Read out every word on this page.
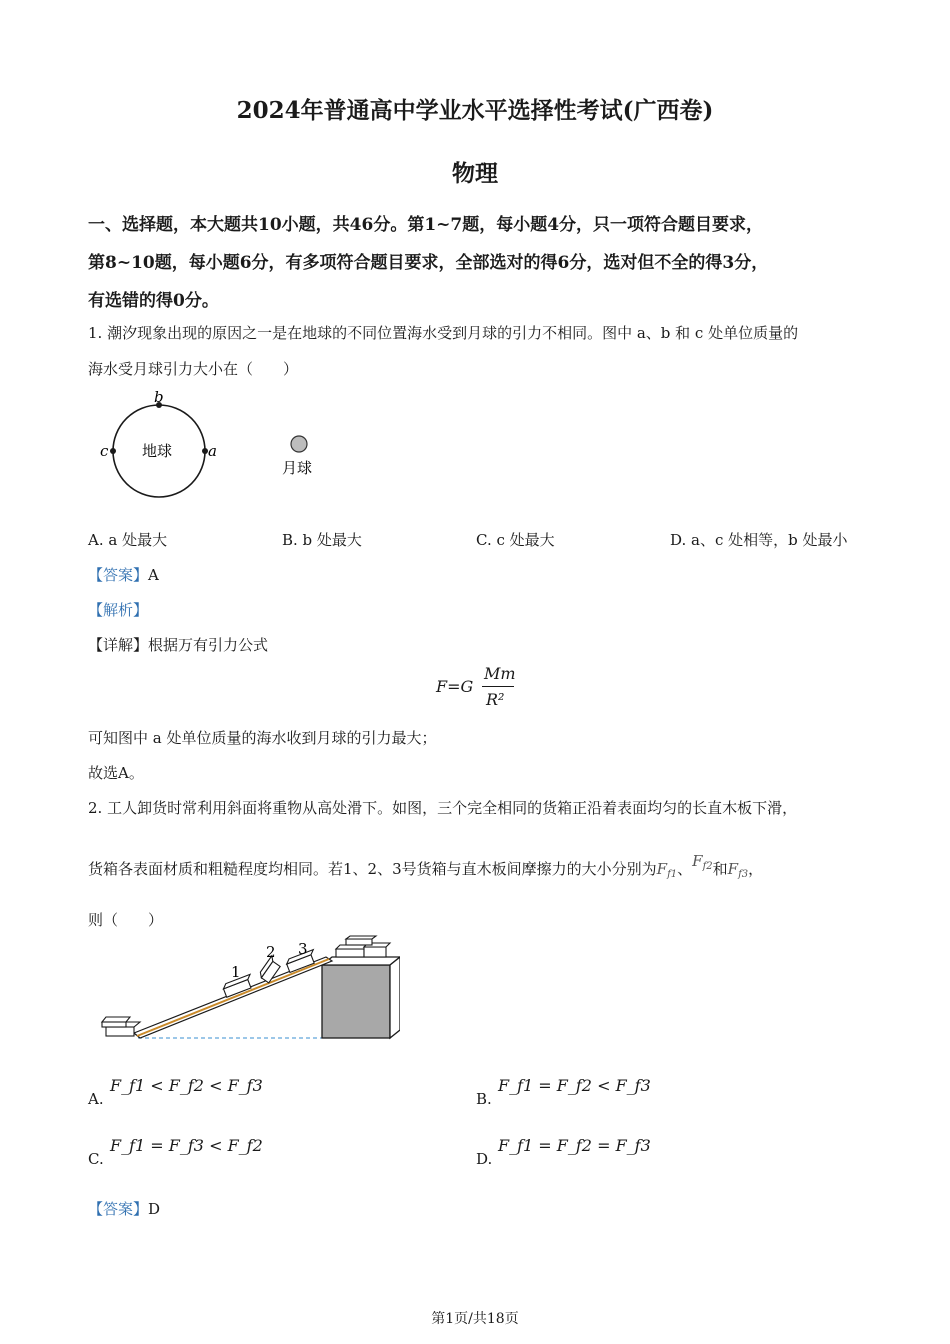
2024年普通高中学业水平选择性考试(广西卷)
物理
一、选择题，本大题共10小题，共46分。第1~7题，每小题4分，只一项符合题目要求，
第8~10题，每小题6分，有多项符合题目要求，全部选对的得6分，选对但不全的得3分，
有选错的得0分。
1. 潮汐现象出现的原因之一是在地球的不同位置海水受到月球的引力不相同。图中 a、b 和 c 处单位质量的
海水受月球引力大小在（　　）
b
c	a
地球
月球
A. a 处最大	B. b 处最大	C. c 处最大	D. a、c 处相等，b 处最小
【答案】A
【解析】
【详解】根据万有引力公式
F=G
Mm
R²
可知图中 a 处单位质量的海水收到月球的引力最大；
故选A。
2. 工人卸货时常利用斜面将重物从高处滑下。如图，三个完全相同的货箱正沿着表面均匀的长直木板下滑，
货箱各表面材质和粗糙程度均相同。若1、2、3号货箱与直木板间摩擦力的大小分别为$F_{f1}$、$F_{f2}$和$F_{f3}$，
则（　　）
1
2 3
A.
F_f1 < F_f2 < F_f3
B.
F_f1 = F_f2 < F_f3
C.
F_f1 = F_f3 < F_f2
D.
F_f1 = F_f2 = F_f3
【答案】D
第1页/共18页
